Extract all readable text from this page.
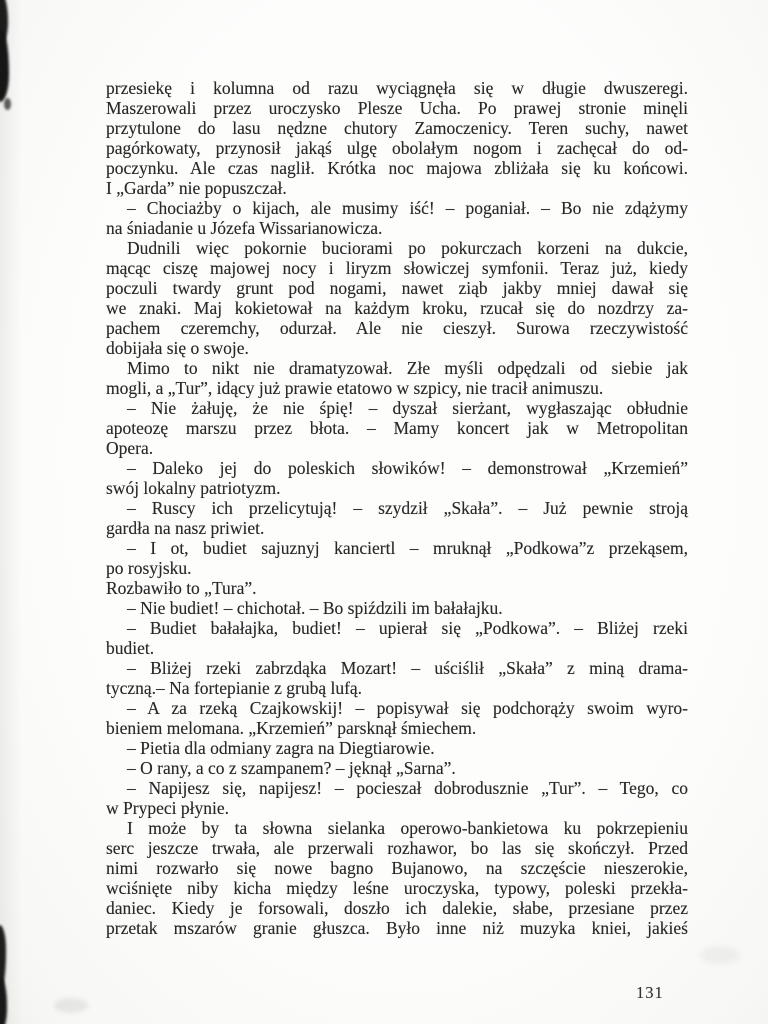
przesiekę i kolumna od razu wyciągnęła się w długie dwuszeregi.
Maszerowali przez uroczysko Plesze Ucha. Po prawej stronie minęli
przytulone do lasu nędzne chutory Zamoczenicy. Teren suchy, nawet
pagórkowaty, przynosił jakąś ulgę obolałym nogom i zachęcał do od-
poczynku. Ale czas naglił. Krótka noc majowa zbliżała się ku końcowi.
I „Garda” nie popuszczał.
– Chociażby o kijach, ale musimy iść! – poganiał. – Bo nie zdążymy
na śniadanie u Józefa Wissarianowicza.
Dudnili więc pokornie buciorami po pokurczach korzeni na dukcie,
mącąc ciszę majowej nocy i liryzm słowiczej symfonii. Teraz już, kiedy
poczuli twardy grunt pod nogami, nawet ziąb jakby mniej dawał się
we znaki. Maj kokietował na każdym kroku, rzucał się do nozdrzy za-
pachem czeremchy, odurzał. Ale nie cieszył. Surowa rzeczywistość
dobijała się o swoje.
Mimo to nikt nie dramatyzował. Złe myśli odpędzali od siebie jak
mogli, a „Tur”, idący już prawie etatowo w szpicy, nie tracił animuszu.
– Nie żałuję, że nie śpię! – dyszał sierżant, wygłaszając obłudnie
apoteozę marszu przez błota. – Mamy koncert jak w Metropolitan
Opera.
– Daleko jej do poleskich słowików! – demonstrował „Krzemień”
swój lokalny patriotyzm.
– Ruscy ich przelicytują! – szydził „Skała”. – Już pewnie stroją
gardła na nasz priwiet.
– I ot, budiet sajuznyj kanciertl – mruknął „Podkowa”z przekąsem,
po rosyjsku.
Rozbawiło to „Tura”.
– Nie budiet! – chichotał. – Bo spiździli im bałałajku.
– Budiet bałałajka, budiet! – upierał się „Podkowa”. – Bliżej rzeki
budiet.
– Bliżej rzeki zabrzdąka Mozart! – uściślił „Skała” z miną drama-
tyczną.– Na fortepianie z grubą lufą.
– A za rzeką Czajkowskij! – popisywał się podchorąży swoim wyro-
bieniem melomana. „Krzemień” parsknął śmiechem.
– Pietia dla odmiany zagra na Diegtiarowie.
– O rany, a co z szampanem? – jęknął „Sarna”.
– Napijesz się, napijesz! – pocieszał dobrodusznie „Tur”. – Tego, co
w Prypeci płynie.
I może by ta słowna sielanka operowo-bankietowa ku pokrzepieniu
serc jeszcze trwała, ale przerwali rozhawor, bo las się skończył. Przed
nimi rozwarło się nowe bagno Bujanowo, na szczęście nieszerokie,
wciśnięte niby kicha między leśne uroczyska, typowy, poleski przekła-
daniec. Kiedy je forsowali, doszło ich dalekie, słabe, przesiane przez
przetak mszarów granie głuszca. Było inne niż muzyka kniei, jakieś
131
